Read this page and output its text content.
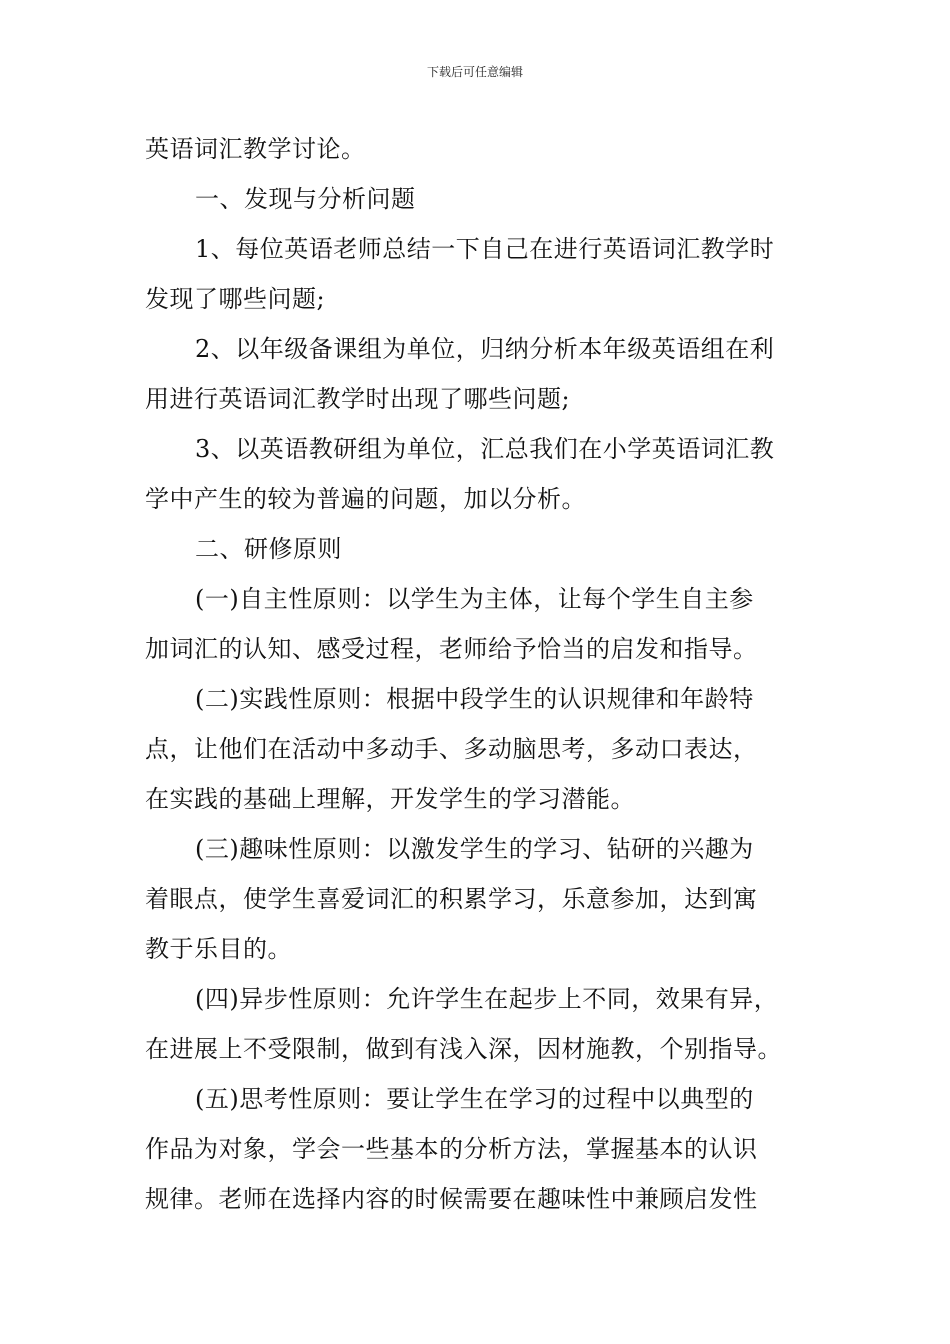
下载后可任意编辑
英语词汇教学讨论。
一、发现与分析问题
1、每位英语老师总结一下自己在进行英语词汇教学时
发现了哪些问题;
2、以年级备课组为单位，归纳分析本年级英语组在利
用进行英语词汇教学时出现了哪些问题;
3、以英语教研组为单位，汇总我们在小学英语词汇教
学中产生的较为普遍的问题，加以分析。
二、研修原则
(一)自主性原则：以学生为主体，让每个学生自主参
加词汇的认知、感受过程，老师给予恰当的启发和指导。
(二)实践性原则：根据中段学生的认识规律和年龄特
点，让他们在活动中多动手、多动脑思考，多动口表达，
在实践的基础上理解，开发学生的学习潜能。
(三)趣味性原则：以激发学生的学习、钻研的兴趣为
着眼点，使学生喜爱词汇的积累学习，乐意参加，达到寓
教于乐目的。
(四)异步性原则：允许学生在起步上不同，效果有异，
在进展上不受限制，做到有浅入深，因材施教，个别指导。
(五)思考性原则：要让学生在学习的过程中以典型的
作品为对象，学会一些基本的分析方法，掌握基本的认识
规律。老师在选择内容的时候需要在趣味性中兼顾启发性
